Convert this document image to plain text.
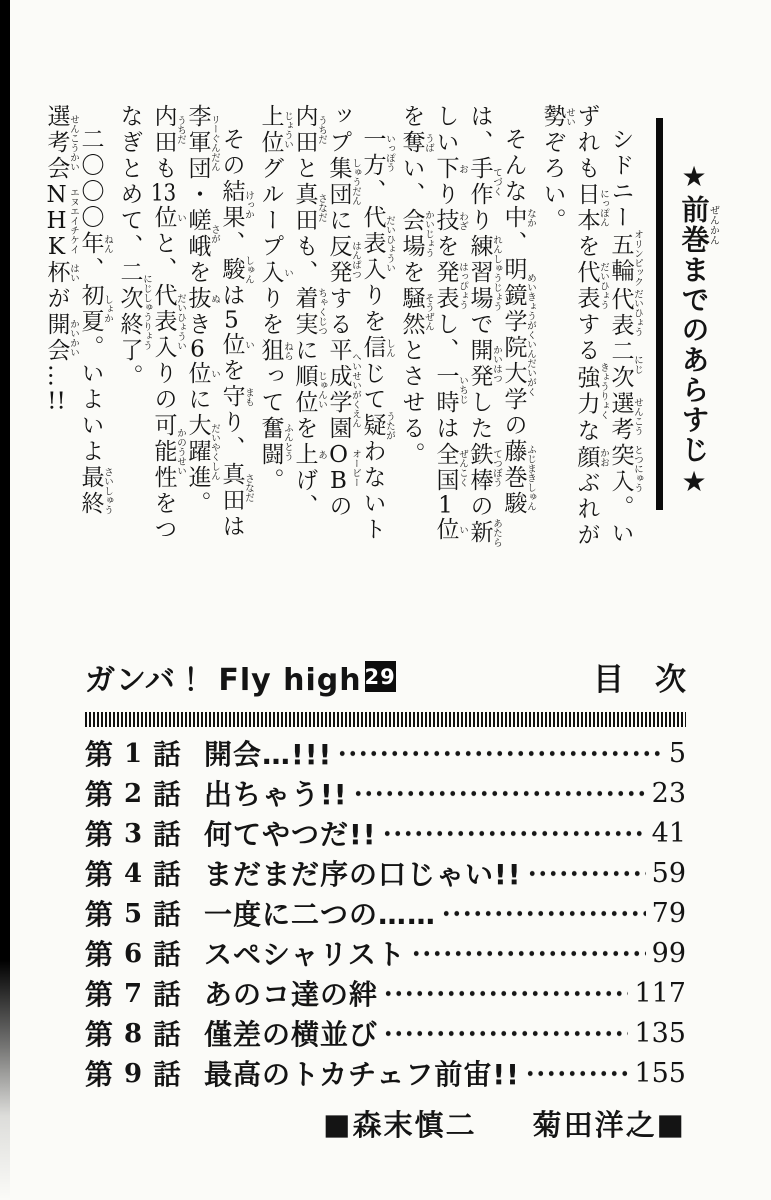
★前巻ぜんかんまでのあらすじ★

シドニー五輪オリンピック代表だいひょう二次にじ選考せんこう突入とつにゅう。いずれも日本にっぽんを代表だいひょうする強力きょうりょくな顔かおぶれが勢せいぞろい。

そんな中なか、明鏡学院大学めいきょうがくいんだいがくの藤巻駿ふじまきしゅんは、手作てづくり練習場れんしゅうじょうで開発かいはつした鉄棒てつぼうの新あたらしい下おり技わざを発表はっぴょうし、一時いちじは全国ぜんこく1位いを奪うばい、会場かいじょうを騒然そうぜんとさせる。

一方いっぽう、代表入だいひょういりを信しんじて疑うたがわないトップ集団しゅうだんに反発はんぱつする平成学園へいせいがくえんOBオービーの内田うちだと真田さなだも、着実ちゃくじつに順位じゅんいを上あげ、上位じょういグループ入いりを狙ねらって奮闘ふんとう。

その結果けっか、駿しゅんは5位いを守まもり、真田さなだは李軍団リーぐんだん・嵯峨さがを抜ぬき6位いに大躍進だいやくしん。内田うちだも13位いと、代表入だいひょういりの可能性かのうせいをつなぎとめて、二次終了にじしゅうりょう。

二〇〇〇年ねん、初夏しょか。いよいよ最終さいしゅう選考会せんこうかいNHKエヌエイチケイ杯はいが開会かいかい…!!

ガンバ！ Fly high 29	目　次
第 1 話 開会…!!!	5
第 2 話 出ちゃう!!	23
第 3 話 何てやつだ!!	41
第 4 話 まだまだ序の口じゃい!!	59
第 5 話 一度に二つの……	79
第 6 話 スペシャリスト	99
第 7 話 あのコ達の絆	117
第 8 話 僅差の横並び	135
第 9 話 最高のトカチェフ前宙!!	155
■ 森末慎二 菊田洋之 ■
